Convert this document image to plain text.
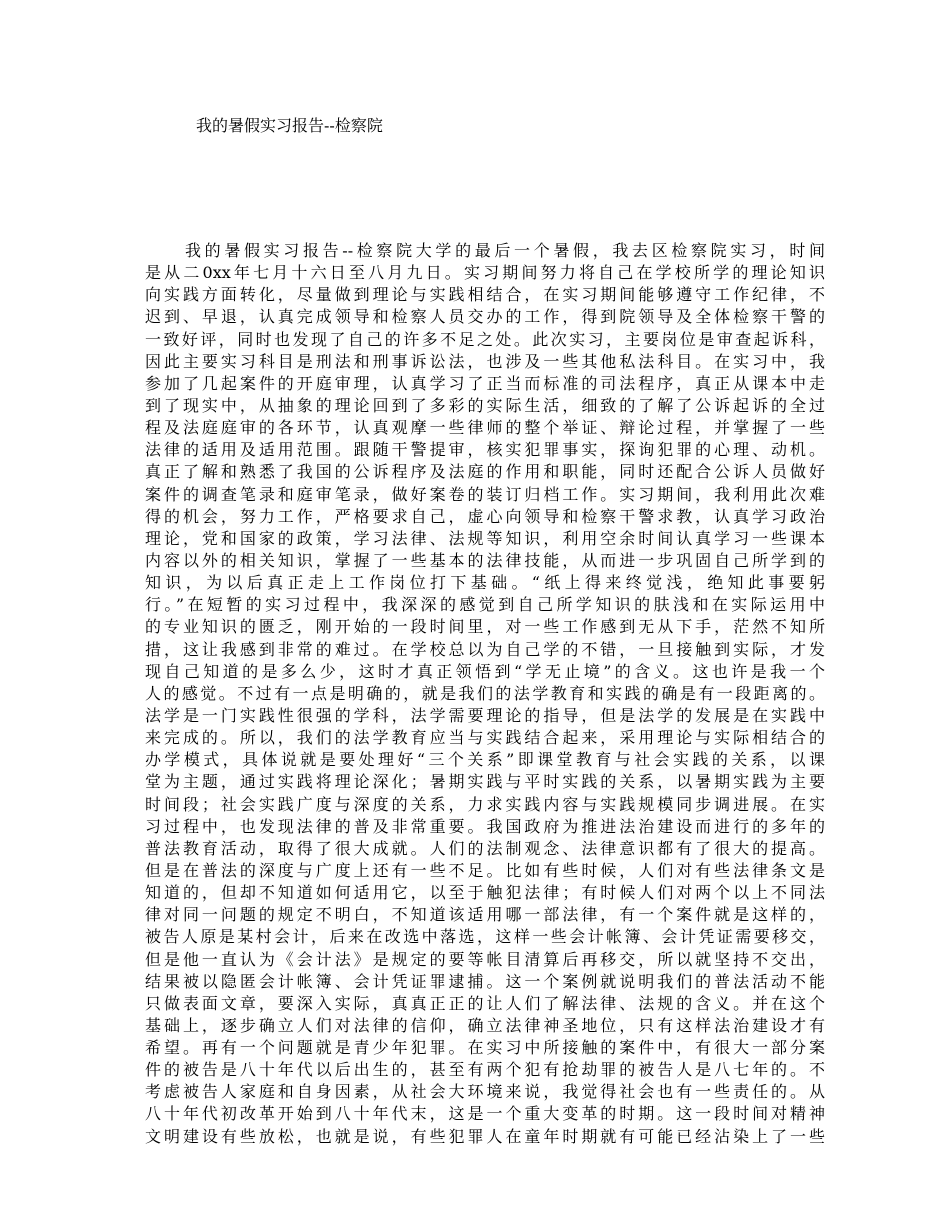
我的暑假实习报告--检察院
我的暑假实习报告--检察院大学的最后一个暑假，我去区检察院实习，时间
是从二0xx年七月十六日至八月九日。实习期间努力将自己在学校所学的理论知识
向实践方面转化，尽量做到理论与实践相结合，在实习期间能够遵守工作纪律，不
迟到、早退，认真完成领导和检察人员交办的工作，得到院领导及全体检察干警的
一致好评，同时也发现了自己的许多不足之处。此次实习，主要岗位是审查起诉科，
因此主要实习科目是刑法和刑事诉讼法，也涉及一些其他私法科目。在实习中，我
参加了几起案件的开庭审理，认真学习了正当而标准的司法程序，真正从课本中走
到了现实中，从抽象的理论回到了多彩的实际生活，细致的了解了公诉起诉的全过
程及法庭庭审的各环节，认真观摩一些律师的整个举证、辩论过程，并掌握了一些
法律的适用及适用范围。跟随干警提审，核实犯罪事实，探询犯罪的心理、动机。
真正了解和熟悉了我国的公诉程序及法庭的作用和职能，同时还配合公诉人员做好
案件的调查笔录和庭审笔录，做好案卷的装订归档工作。实习期间，我利用此次难
得的机会，努力工作，严格要求自己，虚心向领导和检察干警求教，认真学习政治
理论，党和国家的政策，学习法律、法规等知识，利用空余时间认真学习一些课本
内容以外的相关知识，掌握了一些基本的法律技能，从而进一步巩固自己所学到的
知识，为以后真正走上工作岗位打下基础。“纸上得来终觉浅，绝知此事要躬
行。”在短暂的实习过程中，我深深的感觉到自己所学知识的肤浅和在实际运用中
的专业知识的匮乏，刚开始的一段时间里，对一些工作感到无从下手，茫然不知所
措，这让我感到非常的难过。在学校总以为自己学的不错，一旦接触到实际，才发
现自己知道的是多么少，这时才真正领悟到“学无止境”的含义。这也许是我一个
人的感觉。不过有一点是明确的，就是我们的法学教育和实践的确是有一段距离的。
法学是一门实践性很强的学科，法学需要理论的指导，但是法学的发展是在实践中
来完成的。所以，我们的法学教育应当与实践结合起来，采用理论与实际相结合的
办学模式，具体说就是要处理好“三个关系”即课堂教育与社会实践的关系，以课
堂为主题，通过实践将理论深化；暑期实践与平时实践的关系，以暑期实践为主要
时间段；社会实践广度与深度的关系，力求实践内容与实践规模同步调进展。在实
习过程中，也发现法律的普及非常重要。我国政府为推进法治建设而进行的多年的
普法教育活动，取得了很大成就。人们的法制观念、法律意识都有了很大的提高。
但是在普法的深度与广度上还有一些不足。比如有些时候，人们对有些法律条文是
知道的，但却不知道如何适用它，以至于触犯法律；有时候人们对两个以上不同法
律对同一问题的规定不明白，不知道该适用哪一部法律，有一个案件就是这样的，
被告人原是某村会计，后来在改选中落选，这样一些会计帐簿、会计凭证需要移交，
但是他一直认为《会计法》是规定的要等帐目清算后再移交，所以就坚持不交出，
结果被以隐匿会计帐簿、会计凭证罪逮捕。这一个案例就说明我们的普法活动不能
只做表面文章，要深入实际，真真正正的让人们了解法律、法规的含义。并在这个
基础上，逐步确立人们对法律的信仰，确立法律神圣地位，只有这样法治建设才有
希望。再有一个问题就是青少年犯罪。在实习中所接触的案件中，有很大一部分案
件的被告是八十年代以后出生的，甚至有两个犯有抢劫罪的被告人是八七年的。不
考虑被告人家庭和自身因素，从社会大环境来说，我觉得社会也有一些责任的。从
八十年代初改革开始到八十年代末，这是一个重大变革的时期。这一段时间对精神
文明建设有些放松，也就是说，有些犯罪人在童年时期就有可能已经沾染上了一些
